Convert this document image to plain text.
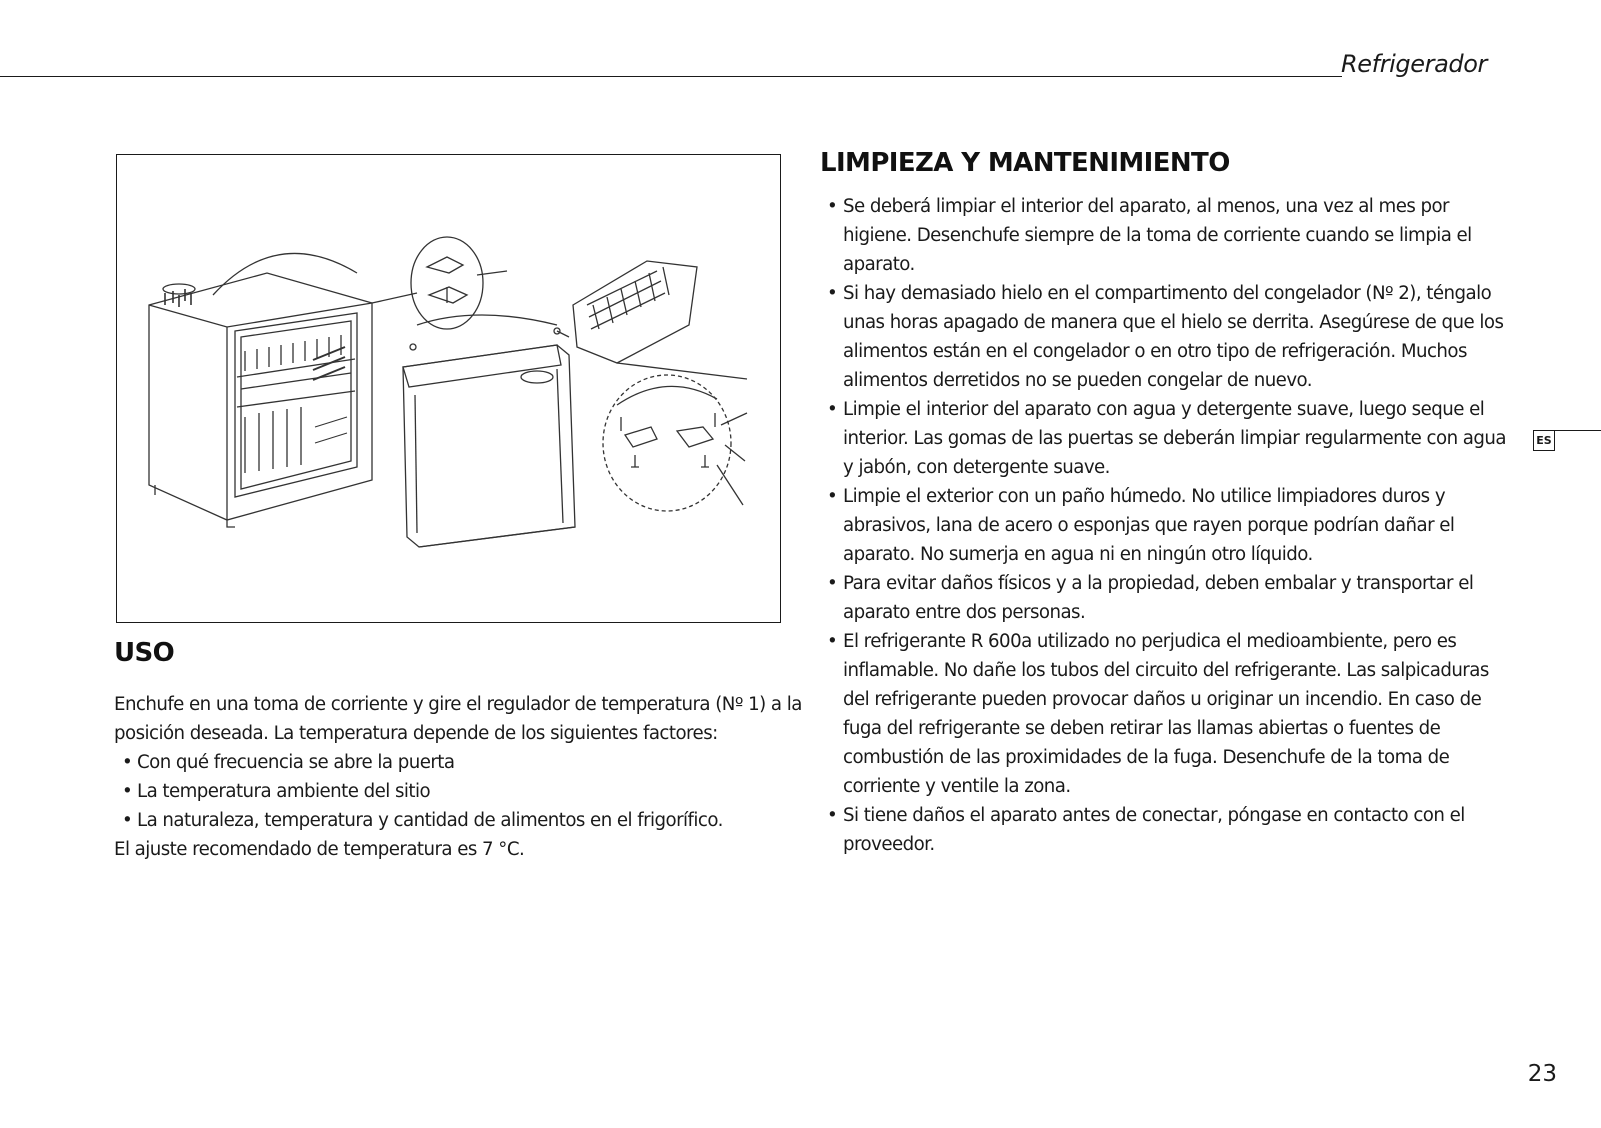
Refrigerador
USO

Enchufe en una toma de corriente y gire el regulador de temperatura (Nº 1) a la posición deseada. La temperatura depende de los siguientes factores:

• Con qué frecuencia se abre la puerta
• La temperatura ambiente del sitio
• La naturaleza, temperatura y cantidad de alimentos en el frigorífico.

El ajuste recomendado de temperatura es 7 °C.

LIMPIEZA Y MANTENIMIENTO
• Se deberá limpiar el interior del aparato, al menos, una vez al mes por higiene. Desenchufe siempre de la toma de corriente cuando se limpia el aparato.
• Si hay demasiado hielo en el compartimento del congelador (Nº 2), téngalo unas horas apagado de manera que el hielo se derrita. Asegúrese de que los alimentos están en el congelador o en otro tipo de refrigeración. Muchos alimentos derretidos no se pueden congelar de nuevo.
• Limpie el interior del aparato con agua y detergente suave, luego seque el interior. Las gomas de las puertas se deberán limpiar regularmente con agua y jabón, con detergente suave.
• Limpie el exterior con un paño húmedo. No utilice limpiadores duros y abrasivos, lana de acero o esponjas que rayen porque podrían dañar el aparato. No sumerja en agua ni en ningún otro líquido.
• Para evitar daños físicos y a la propiedad, deben embalar y transportar el aparato entre dos personas.
• El refrigerante R 600a utilizado no perjudica el medioambiente, pero es inflamable. No dañe los tubos del circuito del refrigerante. Las salpicaduras del refrigerante pueden provocar daños u originar un incendio. En caso de fuga del refrigerante se deben retirar las llamas abiertas o fuentes de combustión de las proximidades de la fuga. Desenchufe de la toma de corriente y ventile la zona.
• Si tiene daños el aparato antes de conectar, póngase en contacto con el proveedor.
ES
23
